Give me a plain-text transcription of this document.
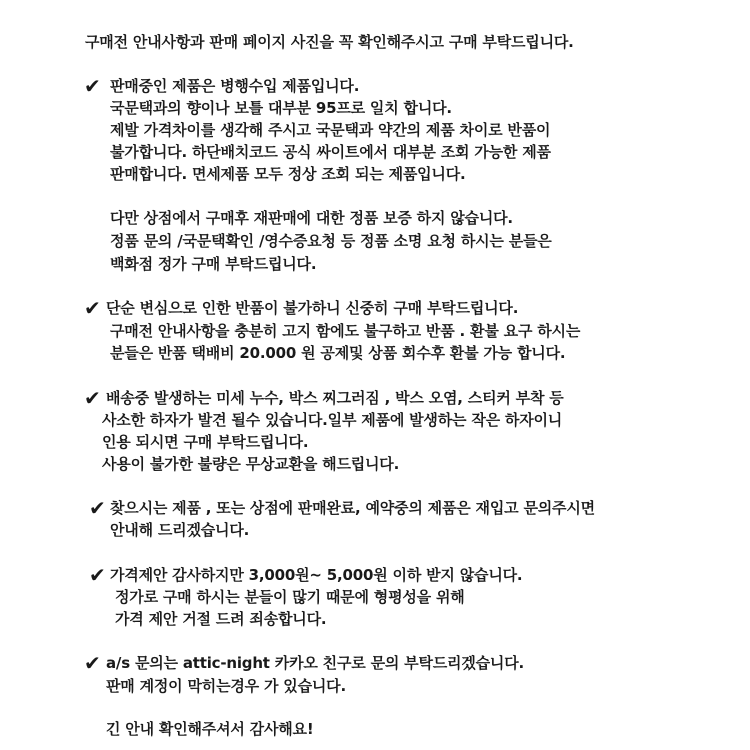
구매전 안내사항과 판매 페이지 사진을 꼭 확인해주시고 구매 부탁드립니다.
✔ 판매중인 제품은 병행수입 제품입니다.
국문택과의 향이나 보틀 대부분 95프로 일치 합니다.
제발 가격차이를 생각해 주시고 국문택과 약간의 제품 차이로 반품이
불가합니다. 하단배치코드 공식 싸이트에서 대부분 조회 가능한 제품
판매합니다. 면세제품 모두 정상 조회 되는 제품입니다.
다만 상점에서 구매후 재판매에 대한 정품 보증 하지 않습니다.
정품 문의 /국문택확인 /영수증요청 등 정품 소명 요청 하시는 분들은
백화점 정가 구매 부탁드립니다.
✔ 단순 변심으로 인한 반품이 불가하니 신중히 구매 부탁드립니다.
구매전 안내사항을 충분히 고지 함에도 불구하고 반품 . 환불 요구 하시는
분들은 반품 택배비 20.000 원 공제및 상품 회수후 환불 가능 합니다.
✔ 배송중 발생하는 미세 누수, 박스 찌그러짐 , 박스 오염, 스티커 부착 등
사소한 하자가 발견 될수 있습니다.일부 제품에 발생하는 작은 하자이니
인용 되시면 구매 부탁드립니다.
사용이 불가한 불량은 무상교환을 해드립니다.
✔ 찾으시는 제품 , 또는 상점에 판매완료, 예약중의 제품은 재입고 문의주시면
안내해 드리겠습니다.
✔ 가격제안 감사하지만 3,000원~ 5,000원 이하 받지 않습니다.
정가로 구매 하시는 분들이 많기 때문에 형평성을 위해
가격 제안 거절 드려 죄송합니다.
✔ a/s 문의는 attic-night 카카오 친구로 문의 부탁드리겠습니다.
판매 계정이 막히는경우 가 있습니다.
긴 안내 확인해주셔서 감사해요!
